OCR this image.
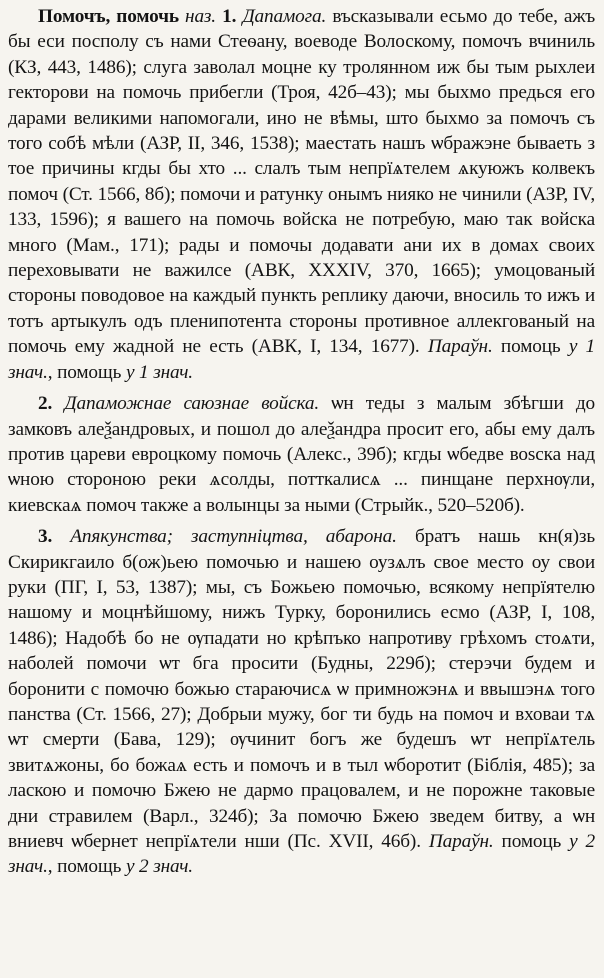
Помочъ, помочь наз. 1. Дапамога. въсказывали есьмо до тебе, ажъ бы еси посполу съ нами Стеѳану, воеводе Волоскому, помочъ вчиниль (КЗ, 443, 1486); слуга заволал моцне ку тролянном иж бы тым рыхлеи гекторови на помочь прибегли (Троя, 42б–43); мы быхмо предься его дарами великими напомогали, ино не вѣмы, што быхмо за помочъ съ того собѣ мѣли (АЗР, II, 346, 1538); маестать нашъ ѡбражэне бываеть з тое причины кгды бы хто ... слалъ тым непрїѧтелем ѧкуюжъ колвекъ помоч (Ст. 1566, 8б); помочи и ратунку онымъ нияко не чинили (АЗР, IV, 133, 1596); я вашего на помочь войска не потребую, маю так войска много (Мам., 171); рады и помочы додавати ани их в домах своих переховывати не важилсе (АВК, XXXIV, 370, 1665); умоцованый стороны поводовое на каждый пункть реплику даючи, вносиль то ижъ и тотъ артыкулъ одъ пленипотента стороны противное аллекгованый на помочь ему жадной не есть (АВК, I, 134, 1677). Параўн. помоць у 1 знач., помощь у 1 знач.

2. Дапаможнае саюзнае войска. ѡн теды з малым збѣгши до замковъ алеѯандровых, и пошол до алеѯандра просит его, абы ему далъ против цареви евроцкому помочь (Алекс., 39б); кгды ѡбедве воѕска над ѡною стороною реки ѧсолды, потткалисѧ ... пинщане перхнѹли, киевскаѧ помоч также а волынцы за ными (Стрыйк., 520–520б).

3. Апякунства; заступніцтва, абарона. братъ нашь кн(я)зь Скирикгаило б(ож)ьею помочью и нашею оузѧлъ свое место оу свои руки (ПГ, I, 53, 1387); мы, съ Божьею помочью, всякому непрїятелю нашому и моцнѣйшому, нижъ Турку, боронились есмо (АЗР, I, 108, 1486); Надобѣ бо не ѹпадати но крѣпъко напротиву грѣхомъ стоѧти, наболей помочи ѡт бга просити (Будны, 229б); стерэчи будем и боронити с помочю божью стараючисѧ ѡ примножэнѧ и ввышэнѧ того панства (Ст. 1566, 27); Добрыи мужу, бог ти будь на помоч и вховаи тѧ ѡт смерти (Бава, 129); ѹчинит богъ же будешъ ѡт непрїѧтель звитѧжоны, бо божаѧ есть и помочъ и в тыл ѡборотит (Біблія, 485); за ласкою и помочю Бжею не дармо працовалем, и не порожне таковые дни стравилем (Варл., 324б); За помочю Бжею зведем битву, а ѡн вниевч ѡбернет непрїѧтели нши (Пс. XVII, 46б). Параўн. помоць у 2 знач., помощь у 2 знач.
